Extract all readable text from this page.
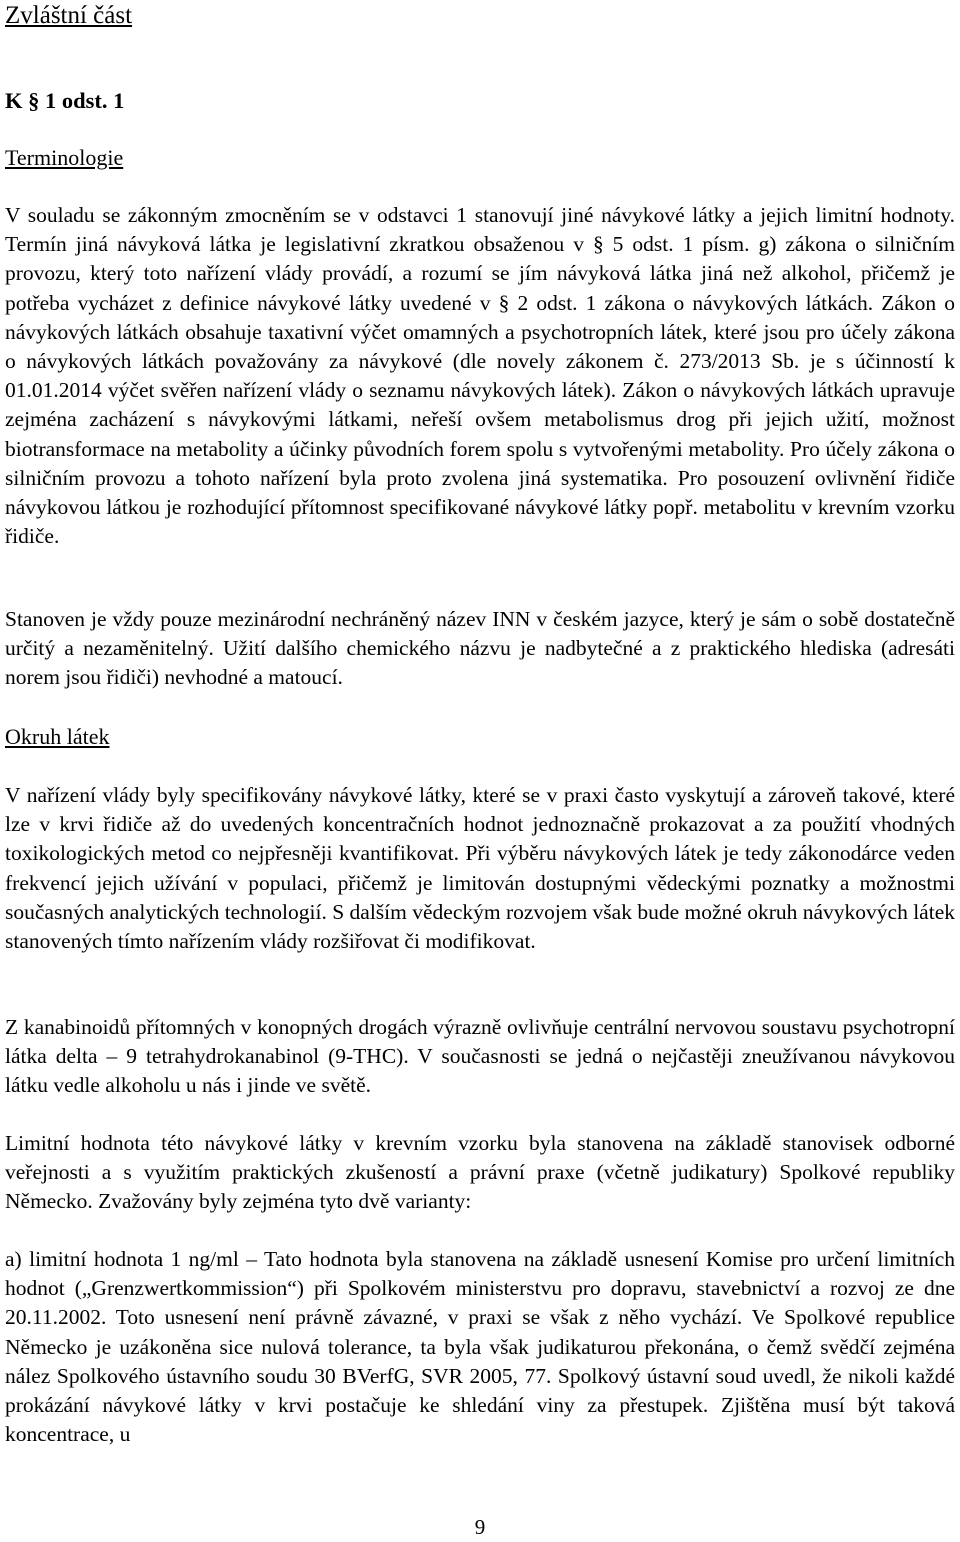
Zvláštní část
K § 1 odst. 1
Terminologie

V souladu se zákonným zmocněním se v odstavci 1 stanovují jiné návykové látky a jejich limitní hodnoty. Termín jiná návyková látka je legislativní zkratkou obsaženou v § 5 odst. 1 písm. g) zákona o silničním provozu, který toto nařízení vlády provádí, a rozumí se jím návyková látka jiná než alkohol, přičemž je potřeba vycházet z definice návykové látky uvedené v § 2 odst. 1 zákona o návykových látkách. Zákon o návykových látkách obsahuje taxativní výčet omamných a psychotropních látek, které jsou pro účely zákona o návykových látkách považovány za návykové (dle novely zákonem č. 273/2013 Sb. je s účinností k 01.01.2014 výčet svěřen nařízení vlády o seznamu návykových látek). Zákon o návykových látkách upravuje zejména zacházení s návykovými látkami, neřeší ovšem metabolismus drog při jejich užití, možnost biotransformace na metabolity a účinky původních forem spolu s vytvořenými metabolity. Pro účely zákona o silničním provozu a tohoto nařízení byla proto zvolena jiná systematika. Pro posouzení ovlivnění řidiče návykovou látkou je rozhodující přítomnost specifikované návykové látky popř. metabolitu v krevním vzorku řidiče.

Stanoven je vždy pouze mezinárodní nechráněný název INN v českém jazyce, který je sám o sobě dostatečně určitý a nezaměnitelný. Užití dalšího chemického názvu je nadbytečné a z praktického hlediska (adresáti norem jsou řidiči) nevhodné a matoucí.

Okruh látek

V nařízení vlády byly specifikovány návykové látky, které se v praxi často vyskytují a zároveň takové, které lze v krvi řidiče až do uvedených koncentračních hodnot jednoznačně prokazovat a za použití vhodných toxikologických metod co nejpřesněji kvantifikovat. Při výběru návykových látek je tedy zákonodárce veden frekvencí jejich užívání v populaci, přičemž je limitován dostupnými vědeckými poznatky a možnostmi současných analytických technologií. S dalším vědeckým rozvojem však bude možné okruh návykových látek stanovených tímto nařízením vlády rozšiřovat či modifikovat.

Z kanabinoidů přítomných v konopných drogách výrazně ovlivňuje centrální nervovou soustavu psychotropní látka delta – 9 tetrahydrokanabinol (9-THC). V současnosti se jedná o nejčastěji zneužívanou návykovou látku vedle alkoholu u nás i jinde ve světě.

Limitní hodnota této návykové látky v krevním vzorku byla stanovena na základě stanovisek odborné veřejnosti a s využitím praktických zkušeností a právní praxe (včetně judikatury) Spolkové republiky Německo. Zvažovány byly zejména tyto dvě varianty:

a) limitní hodnota 1 ng/ml – Tato hodnota byla stanovena na základě usnesení Komise pro určení limitních hodnot („Grenzwertkommission“) při Spolkovém ministerstvu pro dopravu, stavebnictví a rozvoj ze dne 20.11.2002. Toto usnesení není právně závazné, v praxi se však z něho vychází. Ve Spolkové republice Německo je uzákoněna sice nulová tolerance, ta byla však judikaturou překonána, o čemž svědčí zejména nález Spolkového ústavního soudu 30 BVerfG, SVR 2005, 77. Spolkový ústavní soud uvedl, že nikoli každé prokázání návykové látky v krvi postačuje ke shledání viny za přestupek. Zjištěna musí být taková koncentrace, u

9
